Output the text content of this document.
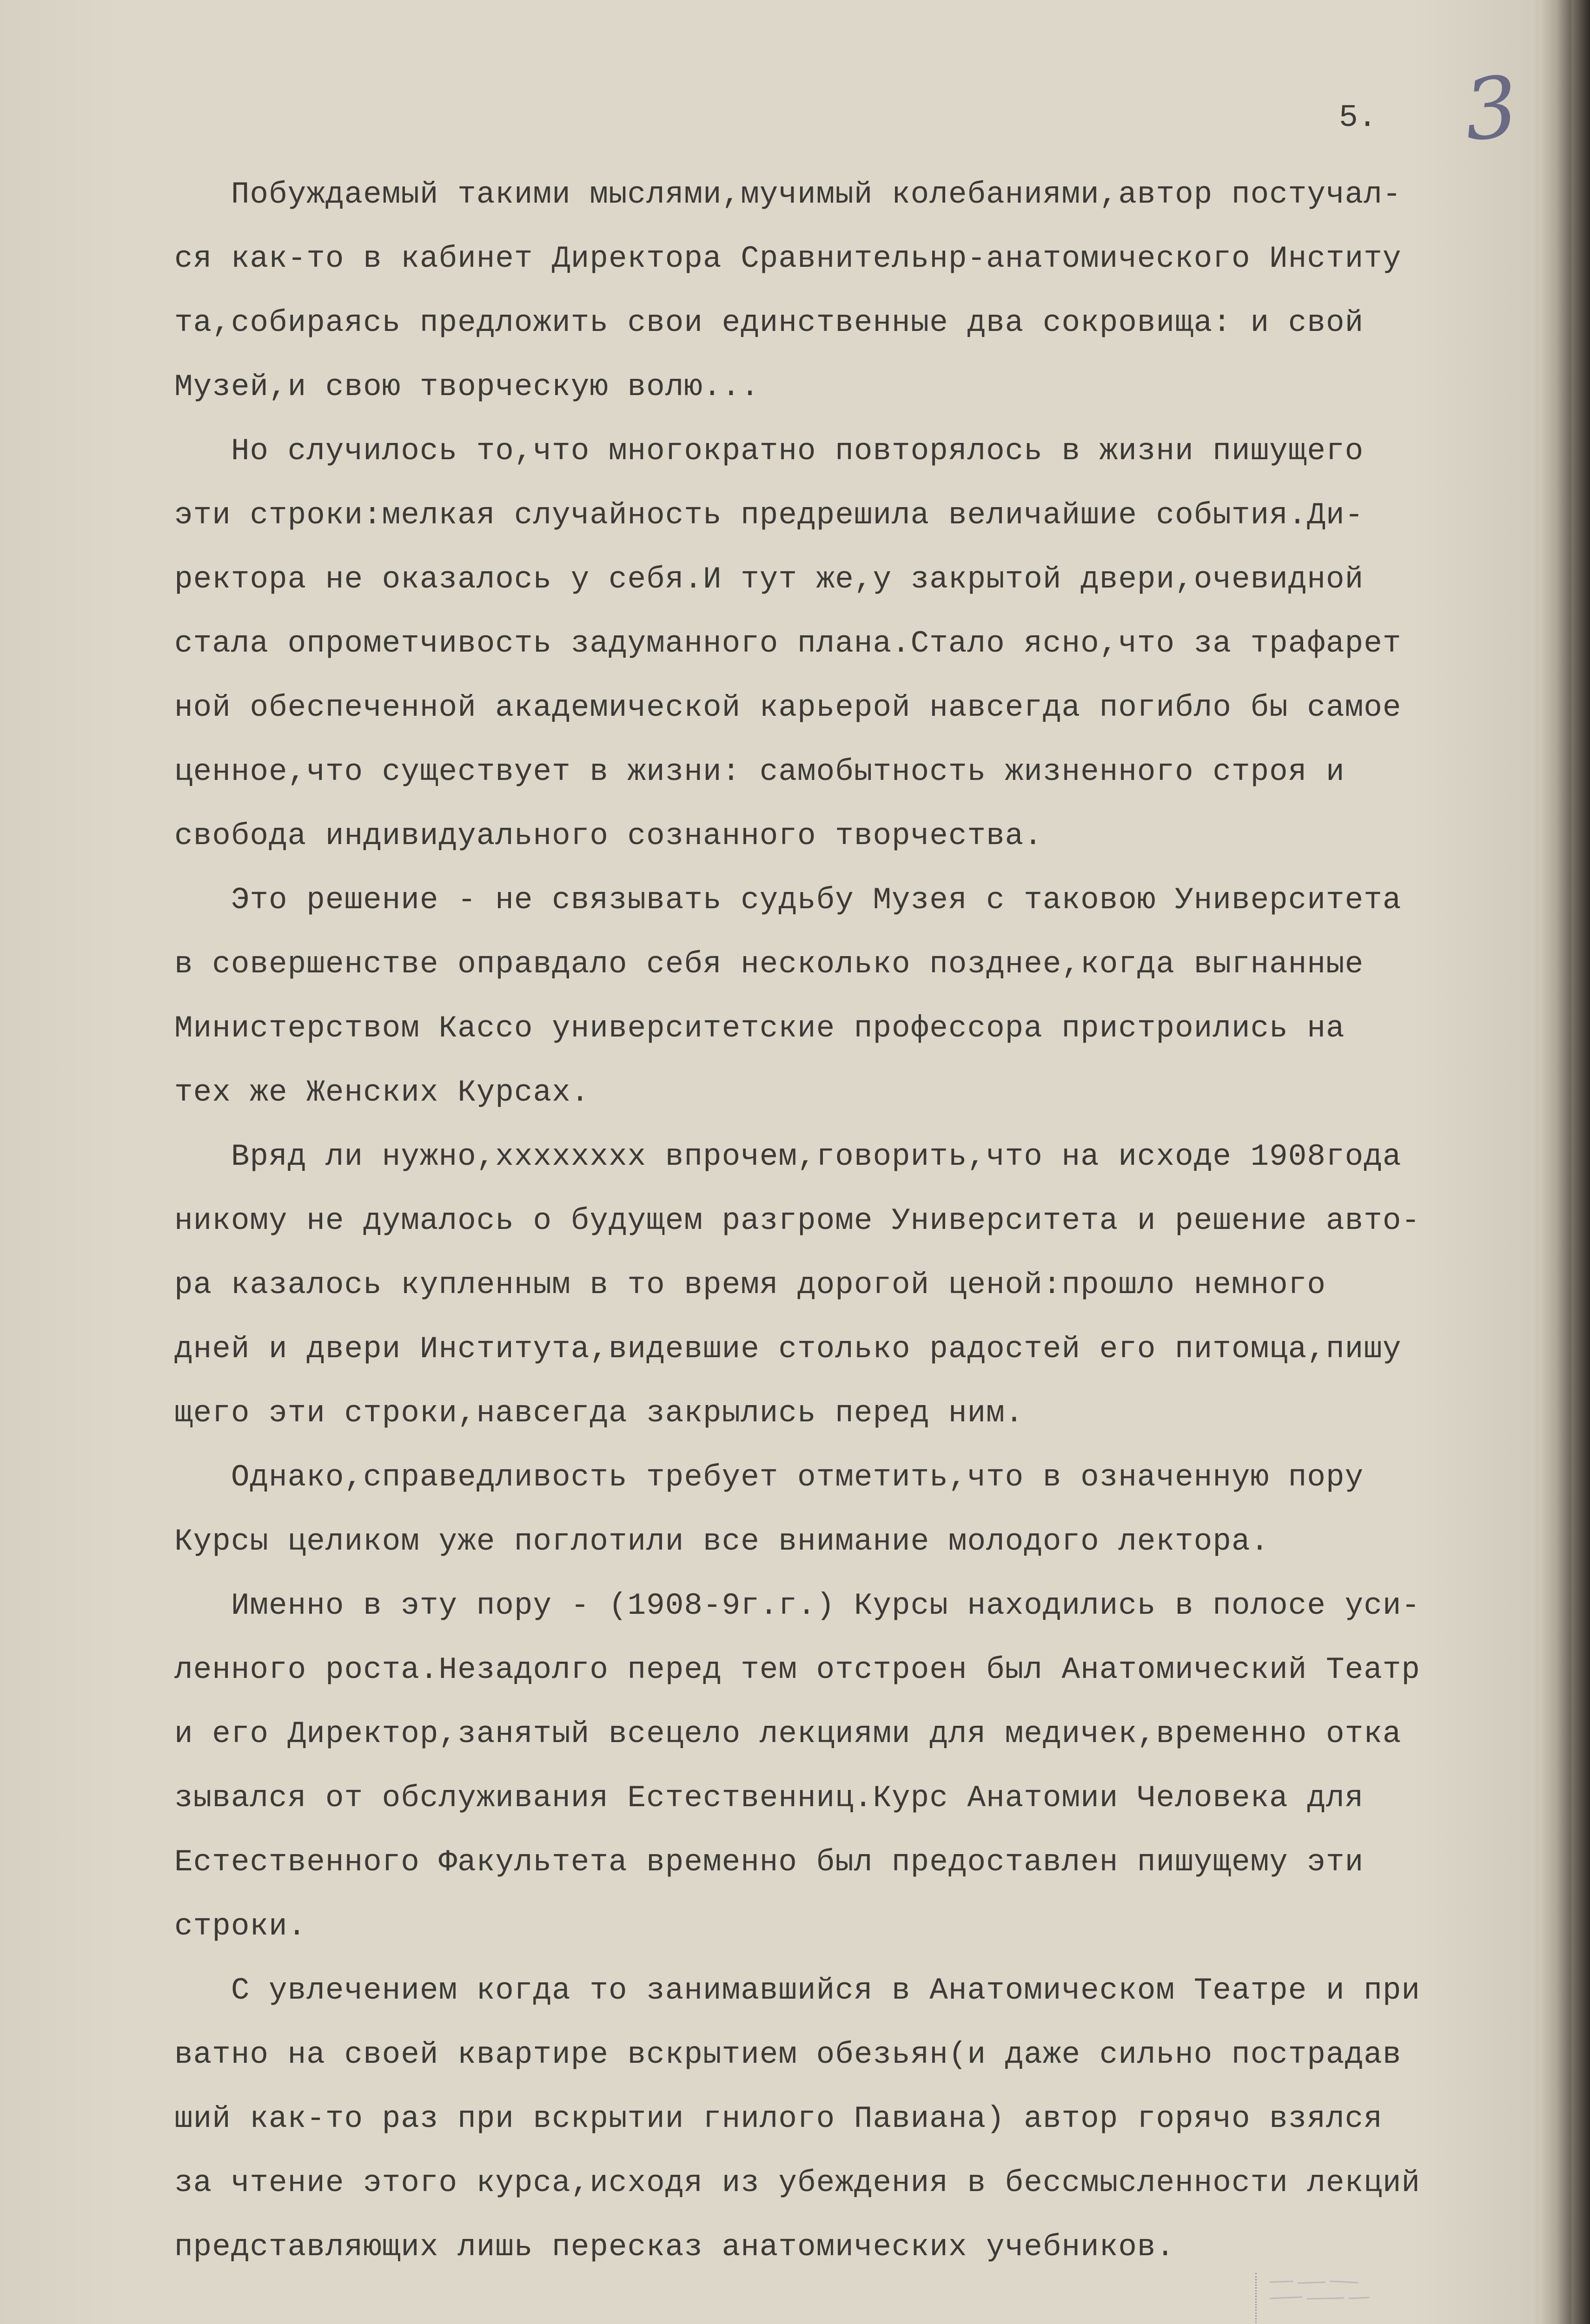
3
5.
Побуждаемый такими мыслями,мучимый колебаниями,автор постучал-
ся как-то в кабинет Директора Сравнительнр-анатомического Институ
та,собираясь предложить свои единственные два сокровища: и свой
Музей,и свою творческую волю...
Но случилось то,что многократно повторялось в жизни пишущего
эти строки:мелкая случайность предрешила величайшие события.Ди-
ректора не оказалось у себя.И тут же,у закрытой двери,очевидной
стала опрометчивость задуманного плана.Стало ясно,что за трафарет
ной обеспеченной академической карьерой навсегда погибло бы самое
ценное,что существует в жизни: самобытность жизненного строя и
свобода индивидуального сознанного творчества.
Это решение - не связывать судьбу Музея с таковою Университета
в совершенстве оправдало себя несколько позднее,когда выгнанные
Министерством Кассо университетские профессора пристроились на
тех же Женских Курсах.
Вряд ли нужно,xxxxxxxx впрочем,говорить,что на исходе 1908года
никому не думалось о будущем разгроме Университета и решение авто-
ра казалось купленным в то время дорогой ценой:прошло немного
дней и двери Института,видевшие столько радостей его питомца,пишу
щего эти строки,навсегда закрылись перед ним.
Однако,справедливость требует отметить,что в означенную пору
Курсы целиком уже поглотили все внимание молодого лектора.
Именно в эту пору - (1908-9г.г.) Курсы находились в полосе уси-
ленного роста.Незадолго перед тем отстроен был Анатомический Театр
и его Директор,занятый всецело лекциями для медичек,временно отка
зывался от обслуживания Естественниц.Курс Анатомии Человека для
Естественного Факультета временно был предоставлен пишущему эти
строки.
С увлечением когда то занимавшийся в Анатомическом Театре и при
ватно на своей квартире вскрытием обезьян(и даже сильно пострадав
ший как-то раз при вскрытии гнилого Павиана) автор горячо взялся
за чтение этого курса,исходя из убеждения в бессмысленности лекций
представляющих лишь пересказ анатомических учебников.
